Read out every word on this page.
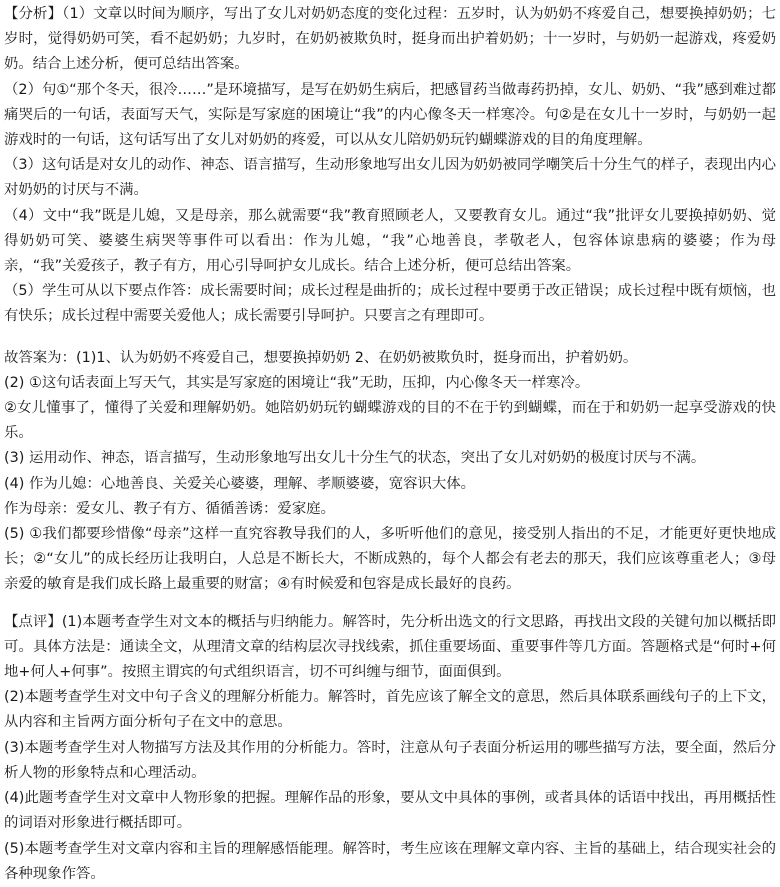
【分析】（1）文章以时间为顺序，写出了女儿对奶奶态度的变化过程：五岁时，认为奶奶不疼爱自己，想要换掉奶奶；七岁时，觉得奶奶可笑，看不起奶奶；九岁时，在奶奶被欺负时，挺身而出护着奶奶；十一岁时，与奶奶一起游戏，疼爱奶奶。结合上述分析，便可总结出答案。

（2）句①“那个冬天，很冷……”是环境描写，是写在奶奶生病后，把感冒药当做毒药扔掉，女儿、奶奶、“我”感到难过都痛哭后的一句话，表面写天气，实际是写家庭的困境让“我”的内心像冬天一样寒冷。句②是在女儿十一岁时，与奶奶一起游戏时的一句话，这句话写出了女儿对奶奶的疼爱，可以从女儿陪奶奶玩钓蝴蝶游戏的目的角度理解。

（3）这句话是对女儿的动作、神态、语言描写，生动形象地写出女儿因为奶奶被同学嘲笑后十分生气的样子，表现出内心对奶奶的讨厌与不满。

（4）文中“我”既是儿媳，又是母亲，那么就需要“我”教育照顾老人，又要教育女儿。通过“我”批评女儿要换掉奶奶、觉得奶奶可笑、婆婆生病哭等事件可以看出：作为儿媳，“我”心地善良，孝敬老人，包容体谅患病的婆婆；作为母亲，“我”关爱孩子，教子有方，用心引导呵护女儿成长。结合上述分析，便可总结出答案。

（5）学生可从以下要点作答：成长需要时间；成长过程是曲折的；成长过程中要勇于改正错误；成长过程中既有烦恼，也有快乐；成长过程中需要关爱他人；成长需要引导呵护。只要言之有理即可。

故答案为：(1)1、认为奶奶不疼爱自己，想要换掉奶奶 2、在奶奶被欺负时，挺身而出，护着奶奶。

(2) ①这句话表面上写天气，其实是写家庭的困境让“我”无助，压抑，内心像冬天一样寒冷。

②女儿懂事了，懂得了关爱和理解奶奶。她陪奶奶玩钓蝴蝶游戏的目的不在于钓到蝴蝶，而在于和奶奶一起享受游戏的快乐。

(3) 运用动作、神态，语言描写，生动形象地写出女儿十分生气的状态，突出了女儿对奶奶的极度讨厌与不满。

(4) 作为儿媳：心地善良、关爱关心婆婆，理解、孝顺婆婆，宽容识大体。

作为母亲：爱女儿、教子有方、循循善诱：爱家庭。

(5) ①我们都要珍惜像“母亲”这样一直究容教导我们的人，多听听他们的意见，接受别人指出的不足，才能更好更快地成长；②“女儿”的成长经历让我明白，人总是不断长大，不断成熟的，每个人都会有老去的那天，我们应该尊重老人；③母亲爱的敏育是我们成长路上最重要的财富；④有时候爱和包容是成长最好的良药。

【点评】(1)本题考查学生对文本的概括与归纳能力。解答时，先分析出选文的行文思路，再找出文段的关键句加以概括即可。具体方法是：通读全文，从理清文章的结构层次寻找线索，抓住重要场面、重要事件等几方面。答题格式是“何时+何地+何人+何事”。按照主谓宾的句式组织语言，切不可纠缠与细节，面面俱到。

(2)本题考查学生对文中句子含义的理解分析能力。解答时，首先应该了解全文的意思，然后具体联系画线句子的上下文，从内容和主旨两方面分析句子在文中的意思。

(3)本题考查学生对人物描写方法及其作用的分析能力。答时，注意从句子表面分析运用的哪些描写方法，要全面，然后分析人物的形象特点和心理活动。

(4)此题考查学生对文章中人物形象的把握。理解作品的形象，要从文中具体的事例，或者具体的话语中找出，再用概括性的词语对形象进行概括即可。

(5)本题考查学生对文章内容和主旨的理解感悟能理。解答时，考生应该在理解文章内容、主旨的基础上，结合现实社会的各种现象作答。
